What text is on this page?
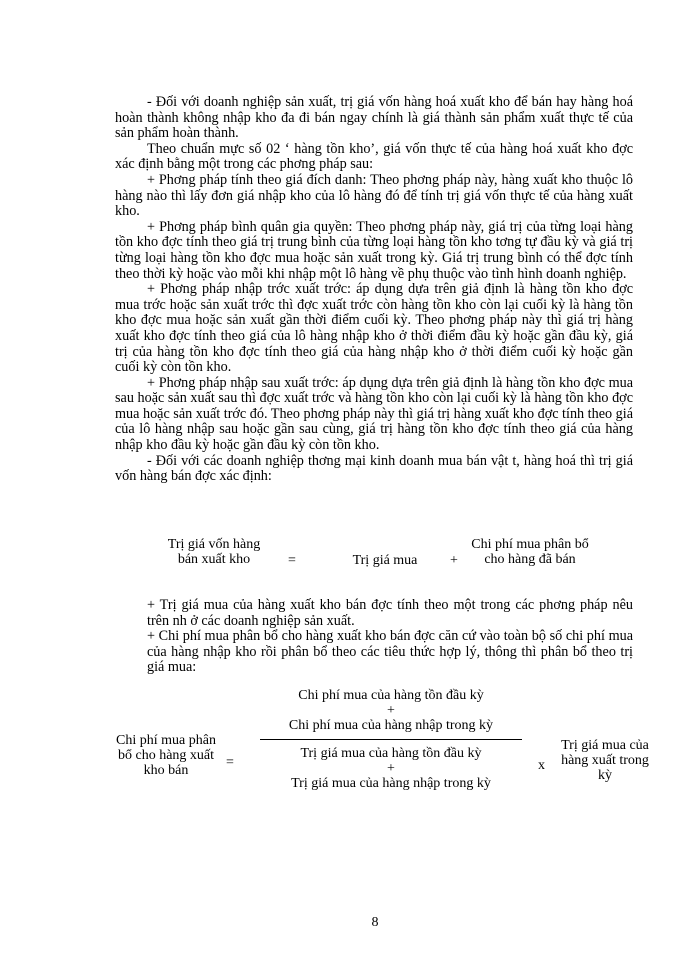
- Đối với doanh nghiệp sản xuất, trị giá vốn hàng hoá xuất kho để bán hay hàng hoá hoàn thành không nhập kho đa đi bán ngay chính là giá thành sản phẩm xuất thực tế của sản phẩm hoàn thành.

Theo chuẩn mực số 02 ‘ hàng tồn kho’, giá vốn thực tế của hàng hoá xuất kho đợc xác định bằng một trong các phơng pháp sau:

+ Phơng pháp tính theo giá đích danh: Theo phơng pháp này, hàng xuất kho thuộc lô hàng nào thì lấy đơn giá nhập kho của lô hàng đó để tính trị giá vốn thực tế của hàng xuất kho.

+ Phơng pháp bình quân gia quyền: Theo phơng pháp này, giá trị của từng loại hàng tồn kho đợc tính theo giá trị trung bình của từng loại hàng tồn kho tơng tự đầu kỳ và giá trị từng loại hàng tồn kho đợc mua hoặc sản xuất trong kỳ. Giá trị trung bình có thể đợc tính theo thời kỳ hoặc vào mỗi khi nhập một lô hàng về phụ thuộc vào tình hình doanh nghiệp.

+ Phơng pháp nhập trớc xuất trớc: áp dụng dựa trên giả định là hàng tồn kho đợc mua trớc hoặc sản xuất trớc thì đợc xuất trớc còn hàng tồn kho còn lại cuối kỳ là hàng tồn kho đợc mua hoặc sản xuất gần thời điểm cuối kỳ. Theo phơng pháp này thì giá trị hàng xuất kho đợc tính theo giá của lô hàng nhập kho ở thời điểm đầu kỳ hoặc gần đầu kỳ, giá trị của hàng tồn kho đợc tính theo giá của hàng nhập kho ở thời điểm cuối kỳ hoặc gần cuối kỳ còn tồn kho.

+ Phơng pháp nhập sau xuất trớc: áp dụng dựa trên giả định là hàng tồn kho đợc mua sau hoặc sản xuất sau thì đợc xuất trớc và hàng tồn kho còn lại cuối kỳ là hàng tồn kho đợc mua hoặc sản xuất trớc đó. Theo phơng pháp này thì giá trị hàng xuất kho đợc tính theo giá của lô hàng nhập sau hoặc gần sau cùng, giá trị hàng tồn kho đợc tính theo giá của hàng nhập kho đầu kỳ hoặc gần đầu kỳ còn tồn kho.

- Đối với các doanh nghiệp thơng mại kinh doanh mua bán vật t, hàng hoá thì trị giá vốn hàng bán đợc xác định:

Trị giá vốn hàng bán xuất kho	=	Trị giá mua	+
Chi phí mua phân bổ cho hàng đã bán

+ Trị giá mua của hàng xuất kho bán đợc tính theo một trong các phơng pháp nêu trên nh ở các doanh nghiệp sản xuất.

+ Chi phí mua phân bổ cho hàng xuất kho bán đợc căn cứ vào toàn bộ số chi phí mua của hàng nhập kho rồi phân bổ theo các tiêu thức hợp lý, thông thì phân bổ theo trị giá mua:

Chi phí mua phân bổ cho hàng xuất kho bán
=
Chi phí mua của hàng tồn đầu kỳ
+
Chi phí mua của hàng nhập trong kỳ
Trị giá mua của hàng tồn đầu kỳ
+
Trị giá mua của hàng nhập trong kỳ
x
Trị giá mua của hàng xuất trong kỳ
8
